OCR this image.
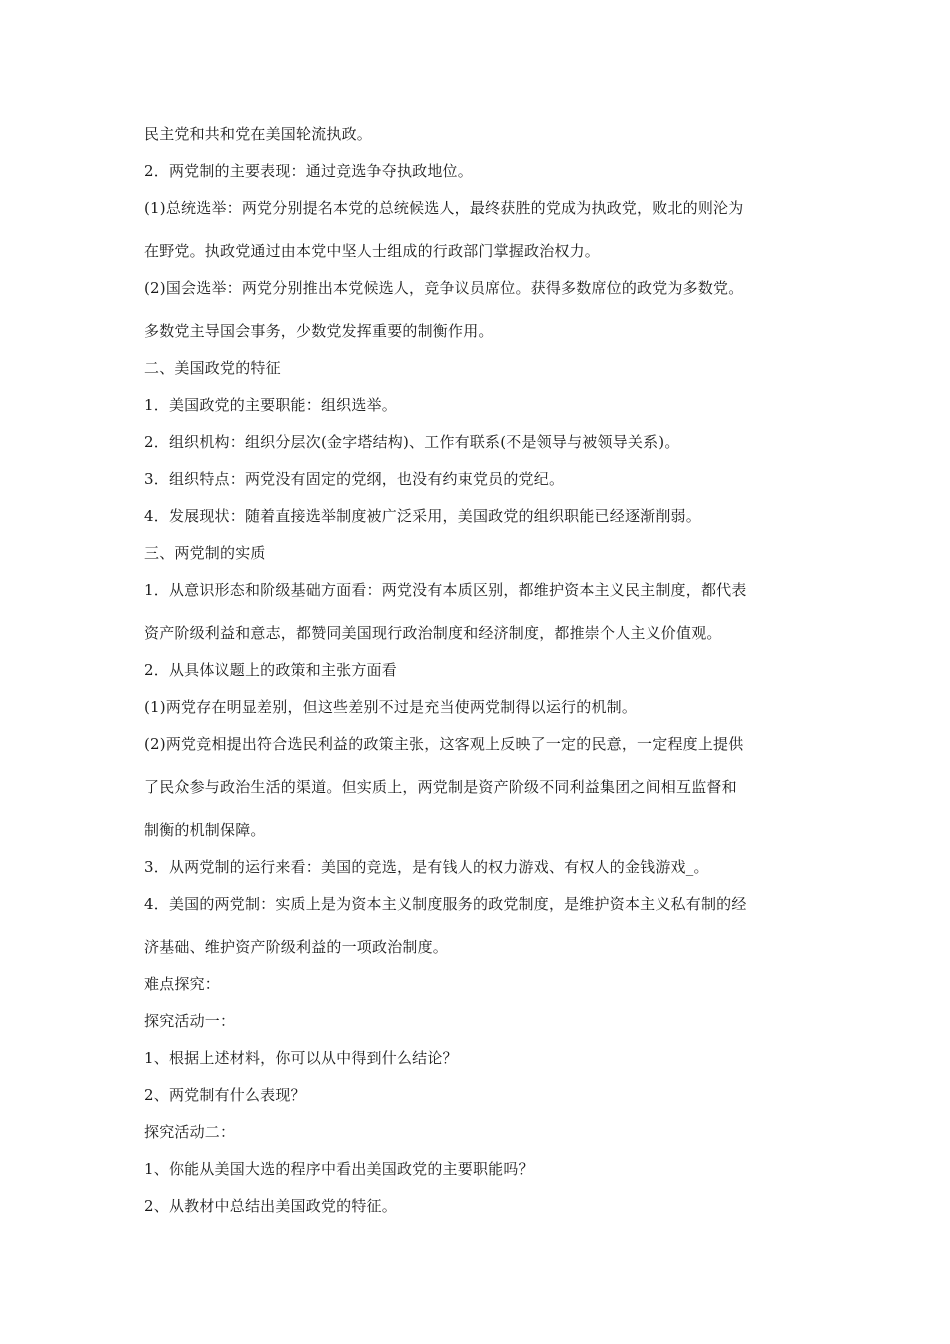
民主党和共和党在美国轮流执政。
2．两党制的主要表现：通过竞选争夺执政地位。
(1)总统选举：两党分别提名本党的总统候选人，最终获胜的党成为执政党，败北的则沦为
在野党。执政党通过由本党中坚人士组成的行政部门掌握政治权力。
(2)国会选举：两党分别推出本党候选人，竞争议员席位。获得多数席位的政党为多数党。
多数党主导国会事务，少数党发挥重要的制衡作用。
二、美国政党的特征
1．美国政党的主要职能：组织选举。
2．组织机构：组织分层次(金字塔结构)、工作有联系(不是领导与被领导关系)。
3．组织特点：两党没有固定的党纲，也没有约束党员的党纪。
4．发展现状：随着直接选举制度被广泛采用，美国政党的组织职能已经逐渐削弱。
三、两党制的实质
1．从意识形态和阶级基础方面看：两党没有本质区别，都维护资本主义民主制度，都代表
资产阶级利益和意志，都赞同美国现行政治制度和经济制度，都推崇个人主义价值观。
2．从具体议题上的政策和主张方面看
(1)两党存在明显差别，但这些差别不过是充当使两党制得以运行的机制。
(2)两党竞相提出符合选民利益的政策主张，这客观上反映了一定的民意，一定程度上提供
了民众参与政治生活的渠道。但实质上，两党制是资产阶级不同利益集团之间相互监督和
制衡的机制保障。
3．从两党制的运行来看：美国的竞选，是有钱人的权力游戏、有权人的金钱游戏_。
4．美国的两党制：实质上是为资本主义制度服务的政党制度，是维护资本主义私有制的经
济基础、维护资产阶级利益的一项政治制度。
难点探究：
探究活动一：
1、根据上述材料，你可以从中得到什么结论？
2、两党制有什么表现？
探究活动二：
1、你能从美国大选的程序中看出美国政党的主要职能吗？
2、从教材中总结出美国政党的特征。
